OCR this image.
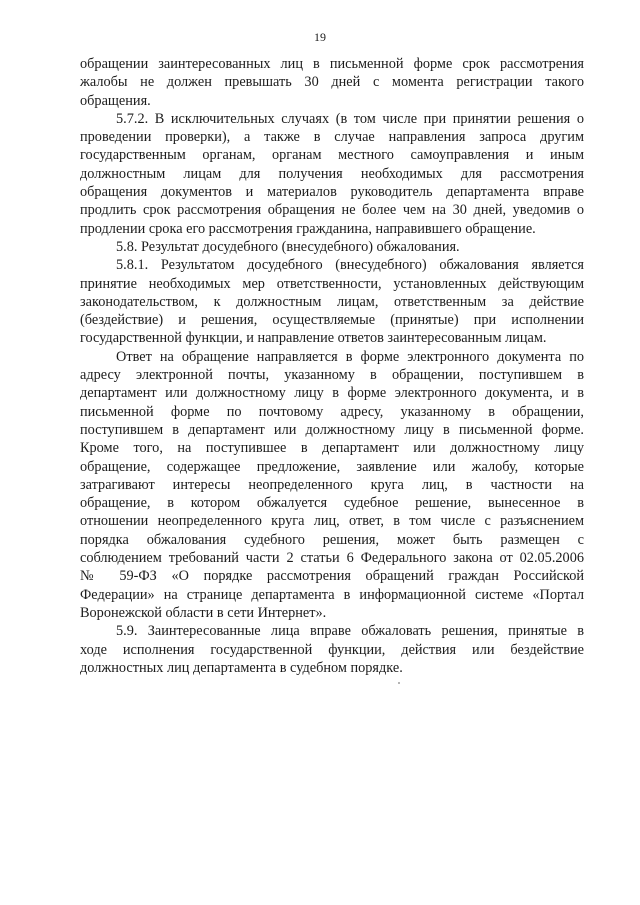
19
обращении заинтересованных лиц в письменной форме срок рассмотрения
жалобы не должен превышать 30 дней с момента регистрации такого
обращения.
5.7.2. В исключительных случаях (в том числе при принятии решения о
проведении проверки), а также в случае направления запроса другим
государственным органам, органам местного самоуправления и иным
должностным лицам для получения необходимых для рассмотрения
обращения документов и материалов руководитель департамента вправе
продлить срок рассмотрения обращения не более чем на 30 дней, уведомив о
продлении срока его рассмотрения гражданина, направившего обращение.
5.8. Результат досудебного (внесудебного) обжалования.
5.8.1. Результатом досудебного (внесудебного) обжалования является
принятие необходимых мер ответственности, установленных действующим
законодательством, к должностным лицам, ответственным за действие
(бездействие) и решения, осуществляемые (принятые) при исполнении
государственной функции, и направление ответов заинтересованным лицам.
Ответ на обращение направляется в форме электронного документа по
адресу электронной почты, указанному в обращении, поступившем в
департамент или должностному лицу в форме электронного документа, и в
письменной форме по почтовому адресу, указанному в обращении,
поступившем в департамент или должностному лицу в письменной форме.
Кроме того, на поступившее в департамент или должностному лицу
обращение, содержащее предложение, заявление или жалобу, которые
затрагивают интересы неопределенного круга лиц, в частности на
обращение, в котором обжалуется судебное решение, вынесенное в
отношении неопределенного круга лиц, ответ, в том числе с разъяснением
порядка обжалования судебного решения, может быть размещен с
соблюдением требований части 2 статьи 6 Федерального закона от 02.05.2006
№ 59-ФЗ «О порядке рассмотрения обращений граждан Российской
Федерации» на странице департамента в информационной системе «Портал
Воронежской области в сети Интернет».
5.9. Заинтересованные лица вправе обжаловать решения, принятые в
ходе исполнения государственной функции, действия или бездействие
должностных лиц департамента в судебном порядке.
